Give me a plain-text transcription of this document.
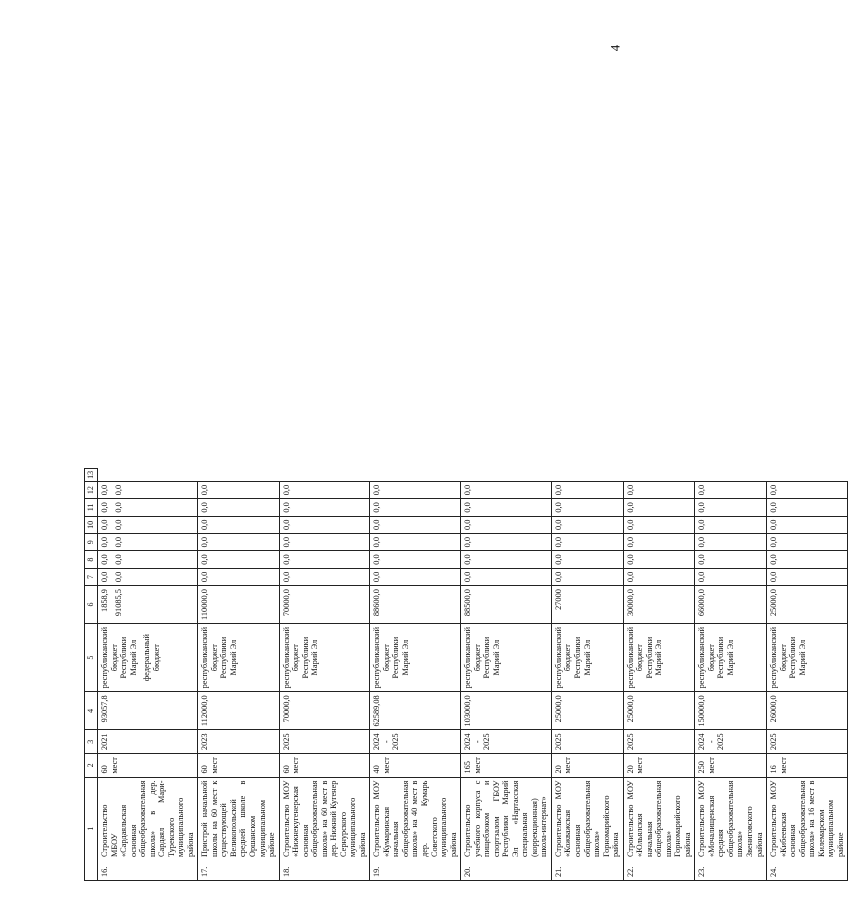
4
1	2	3	4	5	6	7	8	9	10	11	12	13

16.
Строительство МБОУ «Сардаяльская основная общеобразовательная школа» в дер. Сардаял Мари-Турекского муниципального района	60 мест	2021	93057,8	республиканский бюджет Республики Марий Эл федеральный бюджет	1858,9 91085,5	0,0 0,0	0,0 0,0	0,0 0,0	0,0 0,0	0,0 0,0	0,0 0,0	

17.
Пристрой начальной школы на 60 мест к существующей Великопольской средней школе в Оршанском муниципальном районе	60 мест	2023	112000,0	республиканский бюджет Республики Марий Эл	110000,0	0,0	0,0	0,0	0,0	0,0	0,0	

18.
Строительство МОУ «Нижнекугенерская основная общеобразовательная школа» на 60 мест в дер. Нижний Кугенер Сернурского муниципального района	60 мест	2025	70000,0	республиканский бюджет Республики Марий Эл	70000,0	0,0	0,0	0,0	0,0	0,0	0,0	

19.
Строительство МОУ «Кумаринская начальная общеобразовательная школа» на 40 мест в дер. Кумарь Советского муниципального района	40 мест	2024 - 2025	62589,08	республиканский бюджет Республики Марий Эл	88600,0	0,0	0,0	0,0	0,0	0,0	0,0	

20.
Строительство учебного корпуса с пищеблоком и спортзалом ГБОУ Республики Марий Эл «Нартасская специальная (коррекционная) школа-интернат»	165 мест	2024 - 2025	103000,0	республиканский бюджет Республики Марий Эл	88500,0	0,0	0,0	0,0	0,0	0,0	0,0	

21.
Строительство МОУ «Кожважская основная общеобразовательная школа» Горномарийского района	20 мест	2025	25000,0	республиканский бюджет Республики Марий Эл	27000	0,0	0,0	0,0	0,0	0,0	0,0	

22.
Строительство МОУ «Юльялская начальная общеобразовательная школа» Горномарийского района	20 мест	2025	25000,0	республиканский бюджет Республики Марий Эл	30000,0	0,0	0,0	0,0	0,0	0,0	0,0	

23.
Строительство МОУ «Мочалищенская средняя общеобразовательная школа» Звениговского района	250 мест	2024 - 2025	150000,0	республиканский бюджет Республики Марий Эл	66000,0	0,0	0,0	0,0	0,0	0,0	0,0	

24.
Строительство МОУ «Кибеевская основная общеобразовательная школа» на 16 мест в Килемарском муниципальном районе	16 мест	2025	26000,0	республиканский бюджет Республики Марий Эл	25000,0	0,0	0,0	0,0	0,0	0,0	0,0	
